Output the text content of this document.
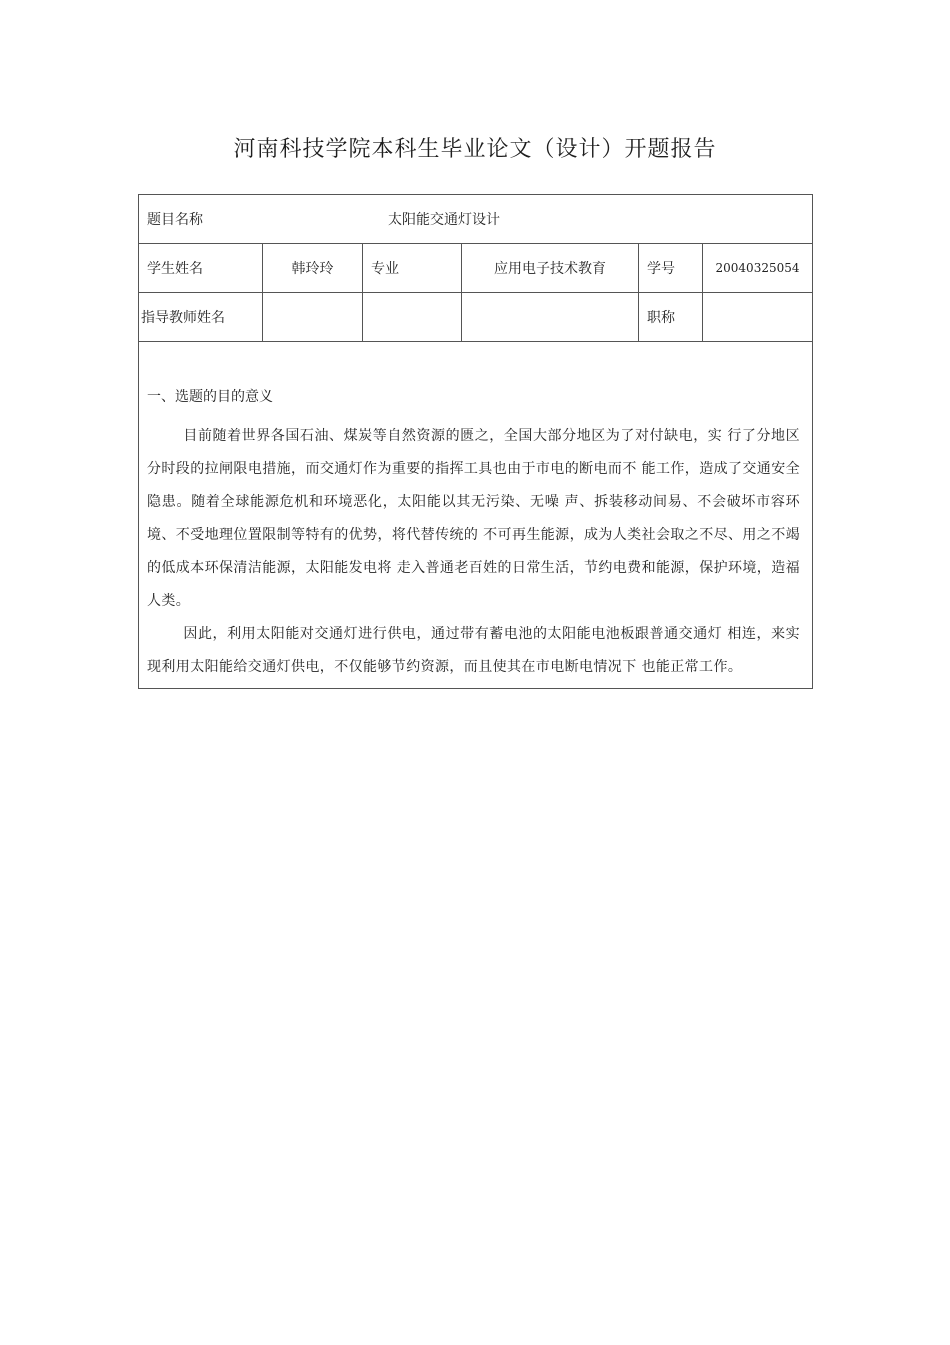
河南科技学院本科生毕业论文（设计）开题报告
题目名称 太阳能交通灯设计					
学生姓名	韩玲玲	专业	应用电子技术教育	学号	20040325054
指导教师姓名				职称	

一、选题的目的意义

目前随着世界各国石油、煤炭等自然资源的匮之，全国大部分地区为了对付缺电，实 行了分地区分时段的拉闸限电措施，而交通灯作为重要的指挥工具也由于市电的断电而不 能工作，造成了交通安全隐患。随着全球能源危机和环境恶化，太阳能以其无污染、无噪 声、拆装移动间易、不会破坏市容环境、不受地理位置限制等特有的优势，将代替传统的 不可再生能源，成为人类社会取之不尽、用之不竭的低成本环保清洁能源，太阳能发电将 走入普通老百姓的日常生活，节约电费和能源，保护环境，造福人类。

因此，利用太阳能对交通灯进行供电，通过带有蓄电池的太阳能电池板跟普通交通灯 相连，来实现利用太阳能给交通灯供电，不仅能够节约资源，而且使其在市电断电情况下 也能正常工作。					
